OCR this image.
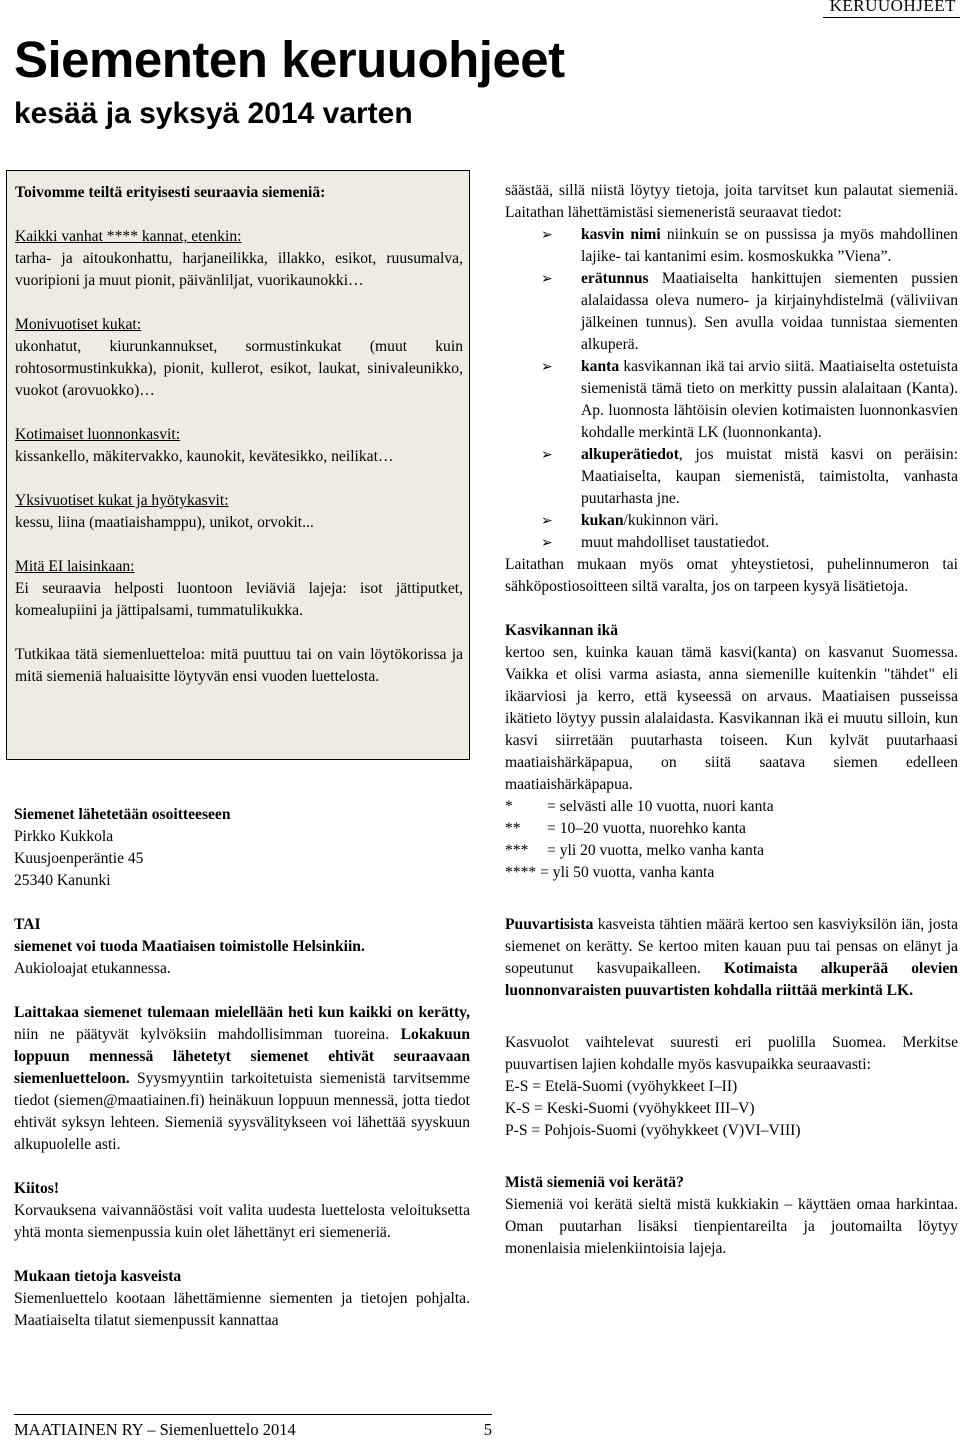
KERUUOHJEET
Siementen keruuohjeet
kesää ja syksyä 2014 varten

Toivomme teiltä erityisesti seuraavia siemeniä:

Kaikki vanhat **** kannat, etenkin:

tarha- ja aitoukonhattu, harjaneilikka, illakko, esikot, ruusumalva, vuoripioni ja muut pionit, päivänliljat, vuorikaunokki…

Monivuotiset kukat:

ukonhatut, kiurunkannukset, sormustinkukat (muut kuin rohtosormustinkukka), pionit, kullerot, esikot, laukat, sinivaleunikko, vuokot (arovuokko)…

Kotimaiset luonnonkasvit:

kissankello, mäkitervakko, kaunokit, kevätesikko, neilikat…

Yksivuotiset kukat ja hyötykasvit:

kessu, liina (maatiaishamppu), unikot, orvokit...

Mitä EI laisinkaan:

Ei seuraavia helposti luontoon leviäviä lajeja: isot jättiputket, komealupiini ja jättipalsami, tummatulikukka.

Tutkikaa tätä siemenluetteloa: mitä puuttuu tai on vain löytökorissa ja mitä siemeniä haluaisitte löytyvän ensi vuoden luettelosta.

Siemenet lähetetään osoitteeseen

Pirkko Kukkola

Kuusjoenperäntie 45

25340 Kanunki

TAI

siemenet voi tuoda Maatiaisen toimistolle Helsinkiin.

Aukioloajat etukannessa.

Laittakaa siemenet tulemaan mielellään heti kun kaikki on kerätty, niin ne päätyvät kylvöksiin mahdollisimman tuoreina. Lokakuun loppuun mennessä lähetetyt siemenet ehtivät seuraavaan siemenluetteloon. Syysmyyntiin tarkoitetuista siemenistä tarvitsemme tiedot (siemen@maatiainen.fi) heinäkuun loppuun mennessä, jotta tiedot ehtivät syksyn lehteen. Siemeniä syysvälitykseen voi lähettää syyskuun alkupuolelle asti.

Kiitos!

Korvauksena vaivannäöstäsi voit valita uudesta luettelosta veloituksetta yhtä monta siemenpussia kuin olet lähettänyt eri siemeneriä.

Mukaan tietoja kasveista

Siemenluettelo kootaan lähettämienne siementen ja tietojen pohjalta. Maatiaiselta tilatut siemenpussit kannattaa

säästää, sillä niistä löytyy tietoja, joita tarvitset kun palautat siemeniä. Laitathan lähettämistäsi siemeneristä seuraavat tiedot:

➢ kasvin nimi niinkuin se on pussissa ja myös mahdollinen lajike- tai kantanimi esim. kosmoskukka ”Viena”.
➢ erätunnus Maatiaiselta hankittujen siementen pussien alalaidassa oleva numero- ja kirjainyhdistelmä (väliviivan jälkeinen tunnus). Sen avulla voidaa tunnistaa siementen alkuperä.
➢ kanta kasvikannan ikä tai arvio siitä. Maatiaiselta ostetuista siemenistä tämä tieto on merkitty pussin alalaitaan (Kanta). Ap. luonnosta lähtöisin olevien kotimaisten luonnonkasvien kohdalle merkintä LK (luonnonkanta).
➢ alkuperätiedot, jos muistat mistä kasvi on peräisin: Maatiaiselta, kaupan siemenistä, taimistolta, vanhasta puutarhasta jne.
➢ kukan/kukinnon väri.
➢ muut mahdolliset taustatiedot.

Laitathan mukaan myös omat yhteystietosi, puhelinnumeron tai sähköpostiosoitteen siltä varalta, jos on tarpeen kysyä lisätietoja.

Kasvikannan ikä

kertoo sen, kuinka kauan tämä kasvi(kanta) on kasvanut Suomessa. Vaikka et olisi varma asiasta, anna siemenille kuitenkin "tähdet" eli ikäarviosi ja kerro, että kyseessä on arvaus. Maatiaisen pusseissa ikätieto löytyy pussin alalaidasta. Kasvikannan ikä ei muutu silloin, kun kasvi siirretään puutarhasta toiseen. Kun kylvät puutarhaasi maatiaishärkäpapua, on siitä saatava siemen edelleen maatiaishärkäpapua.

* = selvästi alle 10 vuotta, nuori kanta

** = 10–20 vuotta, nuorehko kanta

*** = yli 20 vuotta, melko vanha kanta

**** = yli 50 vuotta, vanha kanta

Puuvartisista kasveista tähtien määrä kertoo sen kasviyksilön iän, josta siemenet on kerätty. Se kertoo miten kauan puu tai pensas on elänyt ja sopeutunut kasvupaikalleen. Kotimaista alkuperää olevien luonnonvaraisten puuvartisten kohdalla riittää merkintä LK.

Kasvuolot vaihtelevat suuresti eri puolilla Suomea. Merkitse puuvartisen lajien kohdalle myös kasvupaikka seuraavasti:

E-S = Etelä-Suomi (vyöhykkeet I–II)

K-S = Keski-Suomi (vyöhykkeet III–V)

P-S = Pohjois-Suomi (vyöhykkeet (V)VI–VIII)

Mistä siemeniä voi kerätä?

Siemeniä voi kerätä sieltä mistä kukkiakin – käyttäen omaa harkintaa. Oman puutarhan lisäksi tienpientareilta ja joutomailta löytyy monenlaisia mielenkiintoisia lajeja.

MAATIAINEN RY – Siemenluettelo 2014	5
